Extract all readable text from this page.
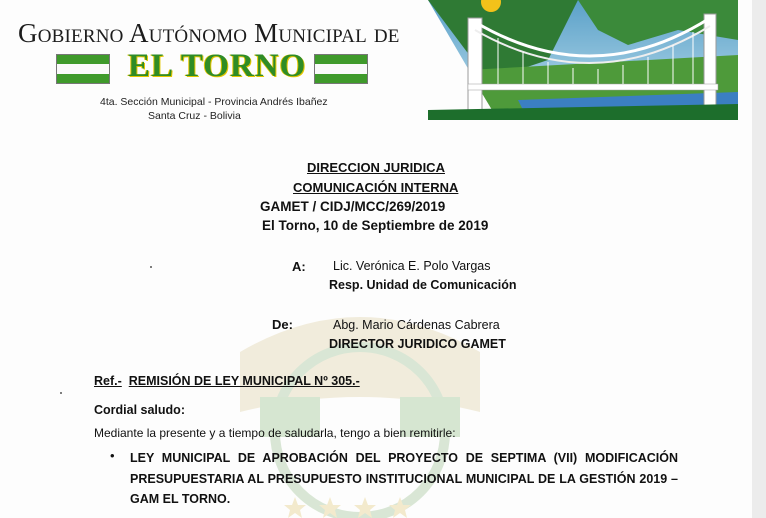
Gobierno Autónomo Municipal de
EL TORNO
4ta. Sección Municipal - Provincia Andrés Ibañez
Santa Cruz - Bolivia
DIRECCION JURIDICA
COMUNICACIÓN INTERNA
GAMET / CIDJ/MCC/269/2019
El Torno, 10 de Septiembre de 2019
A: Lic. Verónica E. Polo Vargas
Resp. Unidad de Comunicación
De:	Abg. Mario Cárdenas Cabrera
DIRECTOR JURIDICO GAMET
Ref.- REMISIÓN DE LEY MUNICIPAL Nº 305.-
Cordial saludo:
Mediante la presente y a tiempo de saludarla, tengo a bien remitirle:
• LEY MUNICIPAL DE APROBACIÓN DEL PROYECTO DE SEPTIMA (VII) MODIFICACIÓN PRESUPUESTARIA AL PRESUPUESTO INSTITUCIONAL MUNICIPAL DE LA GESTIÓN 2019 – GAM EL TORNO.
